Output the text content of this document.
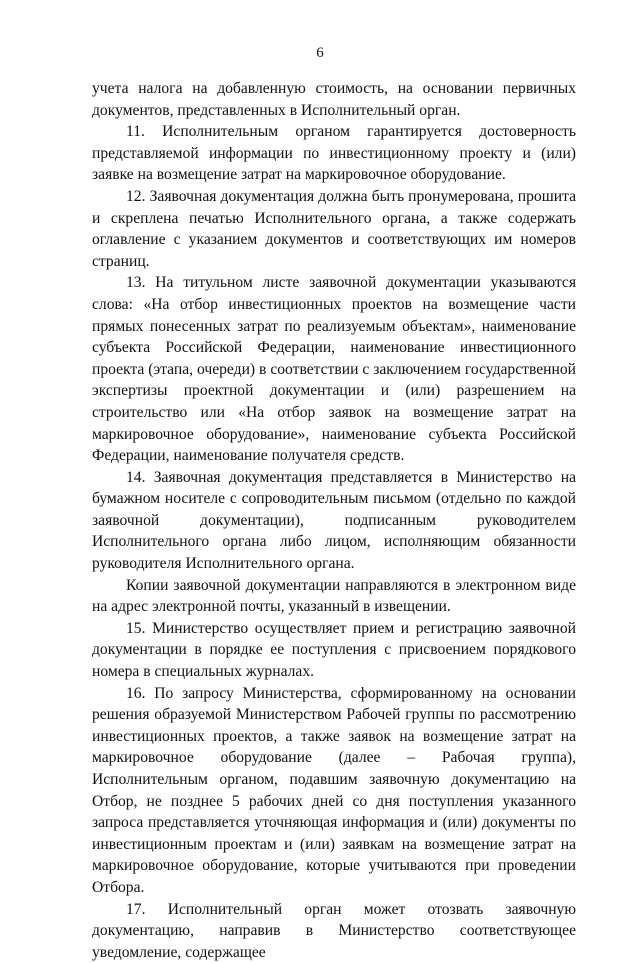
6

учета налога на добавленную стоимость, на основании первичных документов, представленных в Исполнительный орган.

11. Исполнительным органом гарантируется достоверность представляемой информации по инвестиционному проекту и (или) заявке на возмещение затрат на маркировочное оборудование.

12. Заявочная документация должна быть пронумерована, прошита и скреплена печатью Исполнительного органа, а также содержать оглавление с указанием документов и соответствующих им номеров страниц.

13. На титульном листе заявочной документации указываются слова: «На отбор инвестиционных проектов на возмещение части прямых понесенных затрат по реализуемым объектам», наименование субъекта Российской Федерации, наименование инвестиционного проекта (этапа, очереди) в соответствии с заключением государственной экспертизы проектной документации и (или) разрешением на строительство или «На отбор заявок на возмещение затрат на маркировочное оборудование», наименование субъекта Российской Федерации, наименование получателя средств.

14. Заявочная документация представляется в Министерство на бумажном носителе с сопроводительным письмом (отдельно по каждой заявочной документации), подписанным руководителем Исполнительного органа либо лицом, исполняющим обязанности руководителя Исполнительного органа.

Копии заявочной документации направляются в электронном виде на адрес электронной почты, указанный в извещении.

15. Министерство осуществляет прием и регистрацию заявочной документации в порядке ее поступления с присвоением порядкового номера в специальных журналах.

16. По запросу Министерства, сформированному на основании решения образуемой Министерством Рабочей группы по рассмотрению инвестиционных проектов, а также заявок на возмещение затрат на маркировочное оборудование (далее – Рабочая группа), Исполнительным органом, подавшим заявочную документацию на Отбор, не позднее 5 рабочих дней со дня поступления указанного запроса представляется уточняющая информация и (или) документы по инвестиционным проектам и (или) заявкам на возмещение затрат на маркировочное оборудование, которые учитываются при проведении Отбора.

17. Исполнительный орган может отозвать заявочную документацию, направив в Министерство соответствующее уведомление, содержащее
